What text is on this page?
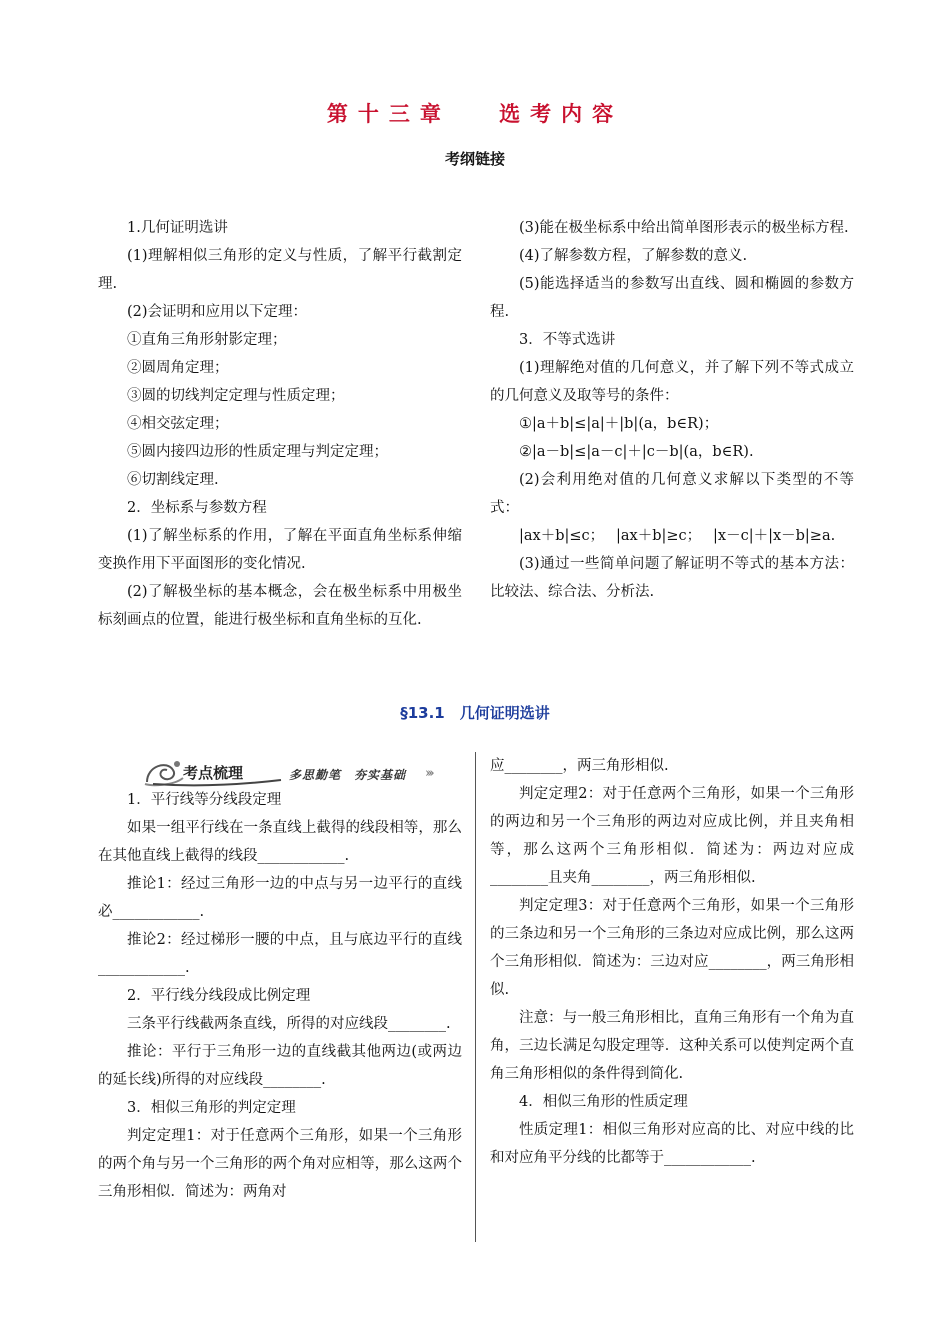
第十三章　 选考内容
考纲链接

1.几何证明选讲

(1)理解相似三角形的定义与性质，了解平行截割定理.

(2)会证明和应用以下定理：

①直角三角形射影定理；

②圆周角定理；

③圆的切线判定定理与性质定理；

④相交弦定理；

⑤圆内接四边形的性质定理与判定定理；

⑥切割线定理.

2．坐标系与参数方程

(1)了解坐标系的作用，了解在平面直角坐标系伸缩变换作用下平面图形的变化情况.

(2)了解极坐标的基本概念，会在极坐标系中用极坐标刻画点的位置，能进行极坐标和直角坐标的互化.

(3)能在极坐标系中给出简单图形表示的极坐标方程.

(4)了解参数方程，了解参数的意义.

(5)能选择适当的参数写出直线、圆和椭圆的参数方程.

3．不等式选讲

(1)理解绝对值的几何意义，并了解下列不等式成立的几何意义及取等号的条件：

①|a＋b|≤|a|＋|b|(a，b∈R)；

②|a－b|≤|a－c|＋|c－b|(a，b∈R).

(2)会利用绝对值的几何意义求解以下类型的不等式：

|ax＋b|≤c；　 |ax＋b|≥c；　 |x－c|＋|x－b|≥a.

(3)通过一些简单问题了解证明不等式的基本方法：比较法、综合法、分析法.

§13.1　几何证明选讲
考点梳理	多思勤笔　夯实基础 ›››

1．平行线等分线段定理

如果一组平行线在一条直线上截得的线段相等，那么在其他直线上截得的线段____________.

推论1：经过三角形一边的中点与另一边平行的直线必____________.

推论2：经过梯形一腰的中点，且与底边平行的直线____________.

2．平行线分线段成比例定理

三条平行线截两条直线，所得的对应线段________.

推论：平行于三角形一边的直线截其他两边(或两边的延长线)所得的对应线段________.

3．相似三角形的判定定理

判定定理1：对于任意两个三角形，如果一个三角形的两个角与另一个三角形的两个角对应相等，那么这两个三角形相似．简述为：两角对

应________，两三角形相似.

判定定理2：对于任意两个三角形，如果一个三角形的两边和另一个三角形的两边对应成比例，并且夹角相等，那么这两个三角形相似．简述为：两边对应成________且夹角________，两三角形相似.

判定定理3：对于任意两个三角形，如果一个三角形的三条边和另一个三角形的三条边对应成比例，那么这两个三角形相似．简述为：三边对应________，两三角形相似.

注意：与一般三角形相比，直角三角形有一个角为直角，三边长满足勾股定理等．这种关系可以使判定两个直角三角形相似的条件得到简化.

4．相似三角形的性质定理

性质定理1：相似三角形对应高的比、对应中线的比和对应角平分线的比都等于____________.
